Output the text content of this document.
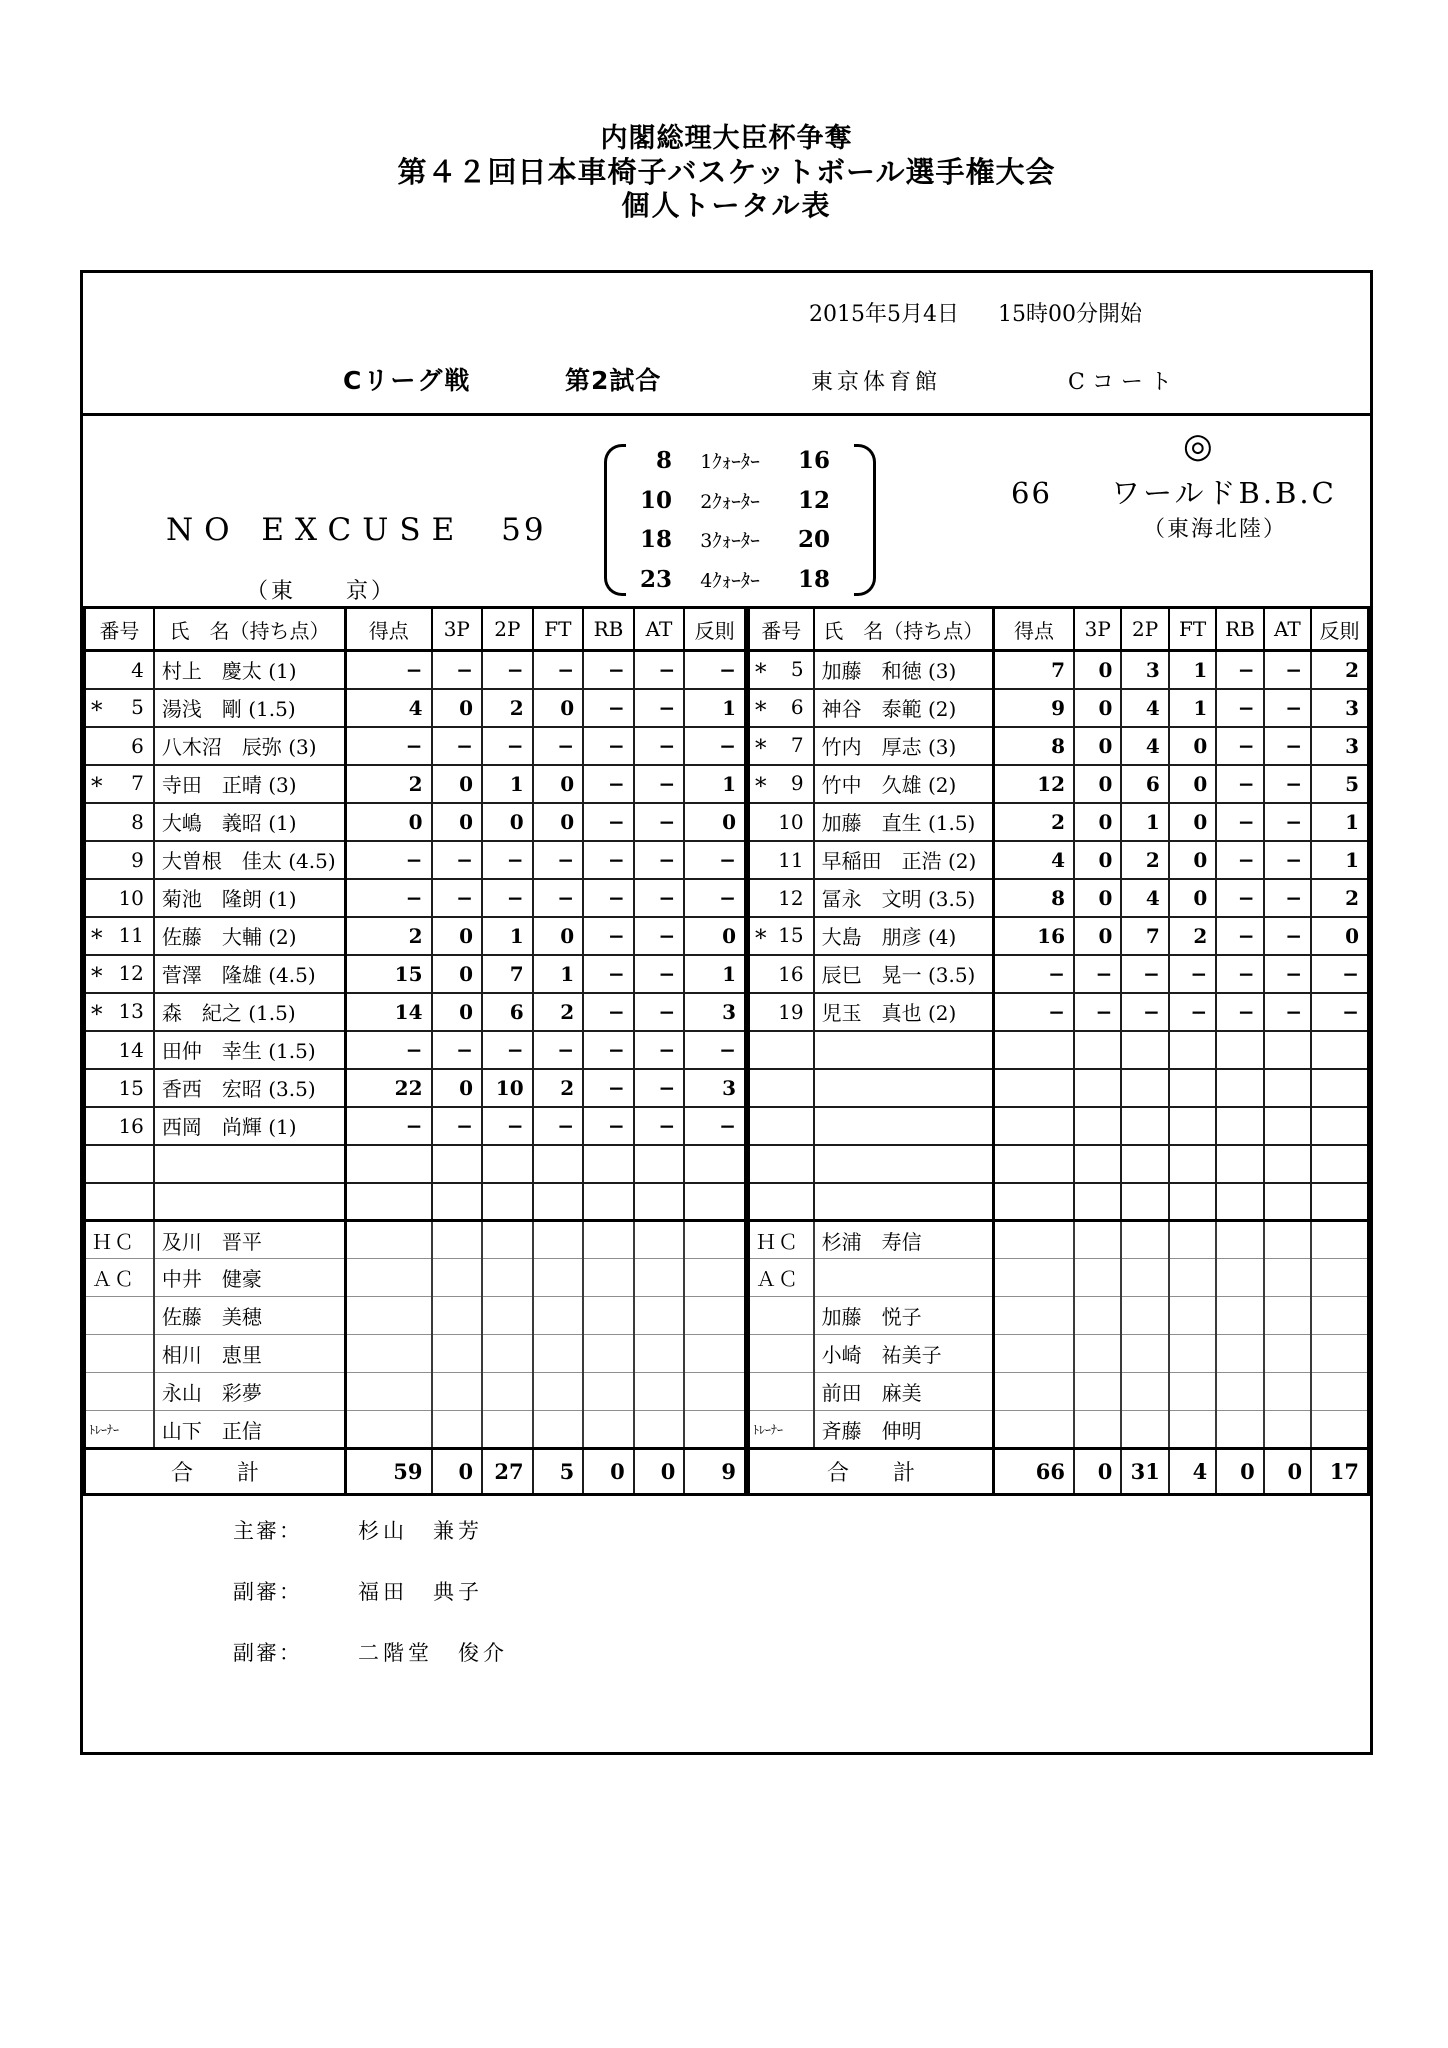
内閣総理大臣杯争奪
第４２回日本車椅子バスケットボール選手権大会
個人トータル表
2015年5月4日 15時00分開始
Cリーグ戦	第2試合	東京体育館	Cコート
NO EXCUSE 59
（東　　京）
8	1ｸｫｰﾀｰ	16
10	2ｸｫｰﾀｰ	12
18	3ｸｫｰﾀｰ	20
23	4ｸｫｰﾀｰ	18
◎
66 ワールドB.B.C
（東海北陸）
番号	氏　名（持ち点）	得点	3P	2P	FT	RB	AT	反則

4	村上　慶太 (1)	−	−	−	−	−	−	−

* 5	湯浅　剛 (1.5)	4	0	2	0	−	−	1

6	八木沼　辰弥 (3)	−	−	−	−	−	−	−

* 7	寺田　正晴 (3)	2	0	1	0	−	−	1

8	大嶋　義昭 (1)	0	0	0	0	−	−	0

9	大曽根　佳太 (4.5)	−	−	−	−	−	−	−

10	菊池　隆朗 (1)	−	−	−	−	−	−	−

* 11	佐藤　大輔 (2)	2	0	1	0	−	−	0

* 12	菅澤　隆雄 (4.5)	15	0	7	1	−	−	1

* 13	森　紀之 (1.5)	14	0	6	2	−	−	3

14	田仲　幸生 (1.5)	−	−	−	−	−	−	−

15	香西　宏昭 (3.5)	22	0	10	2	−	−	3

16	西岡　尚輝 (1)	−	−	−	−	−	−	−

ＨＣ	及川　晋平							
ＡＣ	中井　健豪							
	佐藤　美穂							
	相川　恵里							
	永山　彩夢							
ﾄﾚｰﾅｰ	山下　正信							
合　　計		59	0	27	5	0	0	9
番号	氏　名（持ち点）	得点	3P	2P	FT	RB	AT	反則

* 5	加藤　和徳 (3)	7	0	3	1	−	−	2

* 6	神谷　泰範 (2)	9	0	4	1	−	−	3

* 7	竹内　厚志 (3)	8	0	4	0	−	−	3

* 9	竹中　久雄 (2)	12	0	6	0	−	−	5

10	加藤　直生 (1.5)	2	0	1	0	−	−	1

11	早稲田　正浩 (2)	4	0	2	0	−	−	1

12	冨永　文明 (3.5)	8	0	4	0	−	−	2

* 15	大島　朋彦 (4)	16	0	7	2	−	−	0

16	辰巳　晃一 (3.5)	−	−	−	−	−	−	−

19	児玉　真也 (2)	−	−	−	−	−	−	−

ＨＣ	杉浦　寿信							
ＡＣ								
	加藤　悦子							
	小崎　祐美子							
	前田　麻美							
ﾄﾚｰﾅｰ	斉藤　伸明							
合　　計		66	0	31	4	0	0	17
主審：	杉山　兼芳
副審：	福田　典子
副審：	二階堂　俊介
